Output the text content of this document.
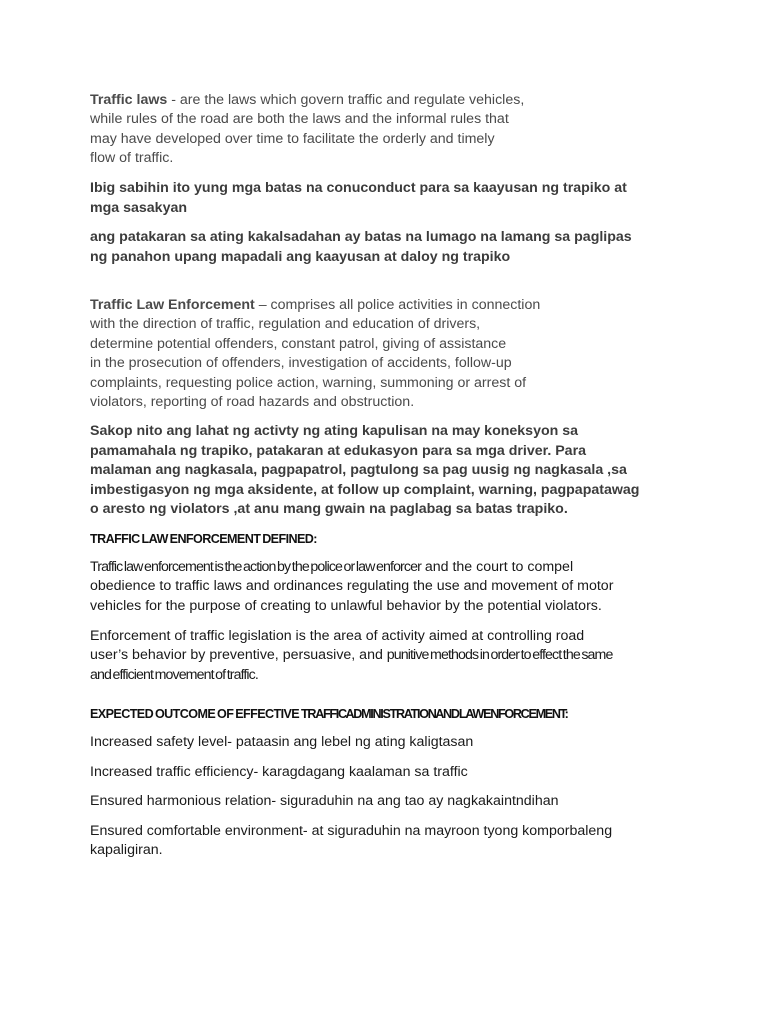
Traffic laws - are the laws which govern traffic and regulate vehicles,
while rules of the road are both the laws and the informal rules that
may have developed over time to facilitate the orderly and timely
flow of traffic.

Ibig sabihin ito yung mga batas na conuconduct para sa kaayusan ng trapiko at
mga sasakyan

ang patakaran sa ating kakalsadahan ay batas na lumago na lamang sa paglipas
ng panahon upang mapadali ang kaayusan at daloy ng trapiko

Traffic Law Enforcement – comprises all police activities in connection
with the direction of traffic, regulation and education of drivers,
determine potential offenders, constant patrol, giving of assistance
in the prosecution of offenders, investigation of accidents, follow-up
complaints, requesting police action, warning, summoning or arrest of
violators, reporting of road hazards and obstruction.

Sakop nito ang lahat ng activty ng ating kapulisan na may koneksyon sa
pamamahala ng trapiko, patakaran at edukasyon para sa mga driver. Para
malaman ang nagkasala, pagpapatrol, pagtulong sa pag uusig ng nagkasala ,sa
imbestigasyon ng mga aksidente, at follow up complaint, warning, pagpapatawag
o aresto ng violators ,at anu mang gwain na paglabag sa batas trapiko.

TRAFFIC LAW ENFORCEMENT DEFINED:

Traffic law enforcement is the action by the police or law enforcer and the court to compel
obedience to traffic laws and ordinances regulating the use and movement of motor
vehicles for the purpose of creating to unlawful behavior by the potential violators.

Enforcement of traffic legislation is the area of activity aimed at controlling road
user’s behavior by preventive, persuasive, and punitive methods in order to effect the same
and efficient movement of traffic.

EXPECTED OUTCOME OF EFFECTIVE TRAFFIC ADMINISTRATION AND LAW ENFORCEMENT:

Increased safety level- pataasin ang lebel ng ating kaligtasan

Increased traffic efficiency- karagdagang kaalaman sa traffic

Ensured harmonious relation- siguraduhin na ang tao ay nagkakaintndihan

Ensured comfortable environment- at siguraduhin na mayroon tyong komporbaleng
kapaligiran.
